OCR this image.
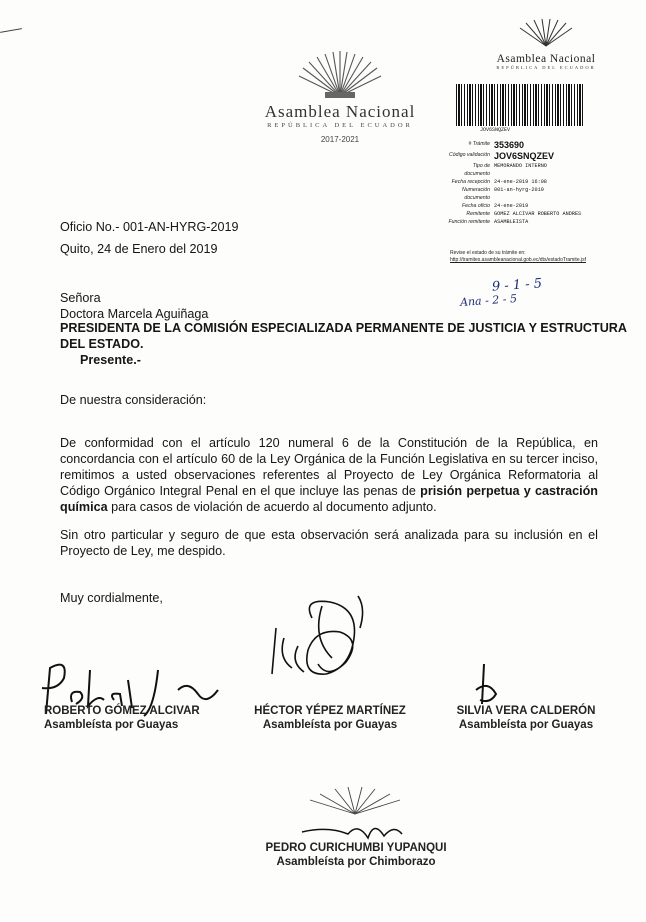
Asamblea Nacional
REPÚBLICA DEL ECUADOR
2017-2021
Asamblea Nacional
REPÚBLICA DEL ECUADOR
JOV6SNQZEV
# Trámite 353690
Código validación JOV6SNQZEV
Tipo de documento
MEMORANDO INTERNO
Fecha recepción 24-ene-2019 16:08
Numeración documento
001-an-hyrg-2019
Fecha oficio 24-ene-2019
Remitente GOMEZ ALCIVAR ROBERTO ANDRES
Función remitente ASAMBLEISTA
Revise el estado de su trámite en:
http://tramites.asambleanacional.gob.ec/dts/estadoTramite.jsf
9 - 1 - 5
Ana - 2 - 5
Oficio No.- 001-AN-HYRG-2019
Quito, 24 de Enero del 2019
Señora
Doctora Marcela Aguiñaga
PRESIDENTA DE LA COMISIÓN ESPECIALIZADA PERMANENTE DE JUSTICIA Y ESTRUCTURA DEL ESTADO.
Presente.-
De nuestra consideración:
De conformidad con el artículo 120 numeral 6 de la Constitución de la República, en concordancia con el artículo 60 de la Ley Orgánica de la Función Legislativa en su tercer inciso, remitimos a usted observaciones referentes al Proyecto de Ley Orgánica Reformatoria al Código Orgánico Integral Penal en el que incluye las penas de prisión perpetua y castración química para casos de violación de acuerdo al documento adjunto.
Sin otro particular y seguro de que esta observación será analizada para su inclusión en el Proyecto de Ley, me despido.
Muy cordialmente,
ROBERTO GÓMEZ ALCIVAR
Asambleísta por Guayas
HÉCTOR YÉPEZ MARTÍNEZ
Asambleísta por Guayas
SILVIA VERA CALDERÓN
Asambleísta por Guayas
PEDRO CURICHUMBI YUPANQUI
Asambleísta por Chimborazo
